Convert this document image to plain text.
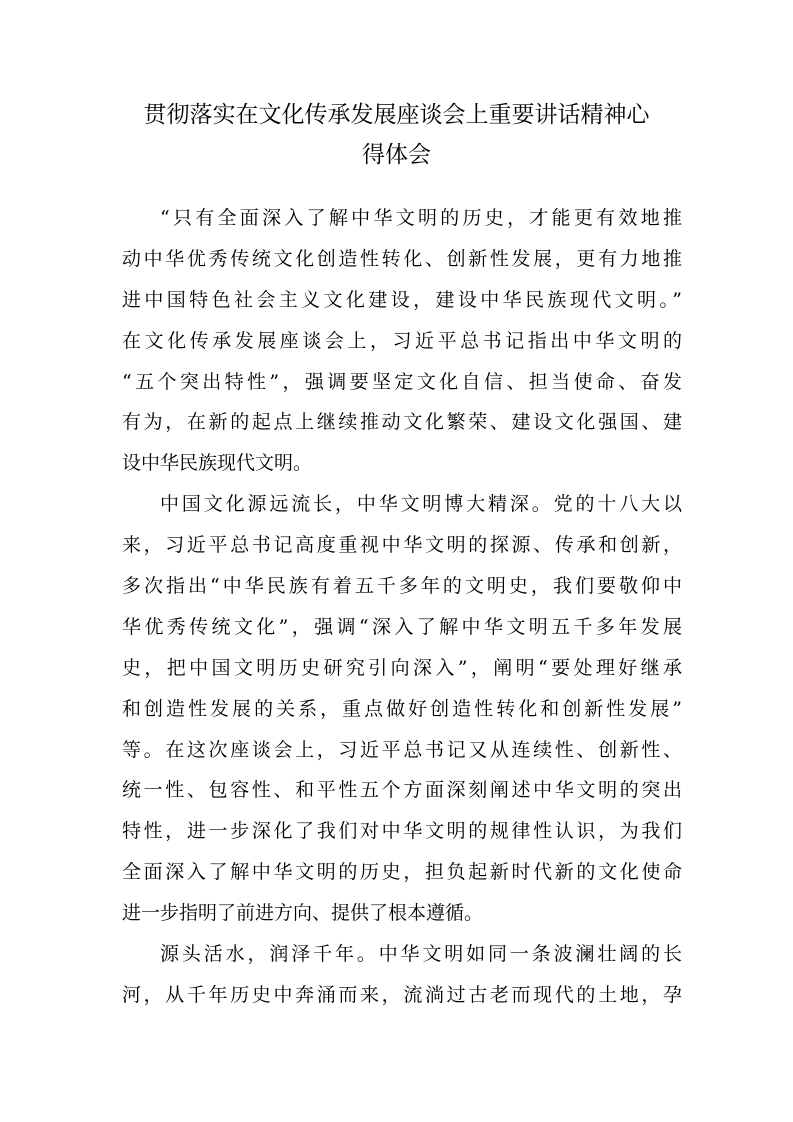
贯彻落实在文化传承发展座谈会上重要讲话精神心
得体会
“只有全面深入了解中华文明的历史，才能更有效地推
动中华优秀传统文化创造性转化、创新性发展，更有力地推
进中国特色社会主义文化建设，建设中华民族现代文明。”
在文化传承发展座谈会上，习近平总书记指出中华文明的
“五个突出特性”，强调要坚定文化自信、担当使命、奋发
有为，在新的起点上继续推动文化繁荣、建设文化强国、建
设中华民族现代文明。
中国文化源远流长，中华文明博大精深。党的十八大以
来，习近平总书记高度重视中华文明的探源、传承和创新，
多次指出“中华民族有着五千多年的文明史，我们要敬仰中
华优秀传统文化”，强调“深入了解中华文明五千多年发展
史，把中国文明历史研究引向深入”，阐明“要处理好继承
和创造性发展的关系，重点做好创造性转化和创新性发展”
等。在这次座谈会上，习近平总书记又从连续性、创新性、
统一性、包容性、和平性五个方面深刻阐述中华文明的突出
特性，进一步深化了我们对中华文明的规律性认识，为我们
全面深入了解中华文明的历史，担负起新时代新的文化使命
进一步指明了前进方向、提供了根本遵循。
源头活水，润泽千年。中华文明如同一条波澜壮阔的长
河，从千年历史中奔涌而来，流淌过古老而现代的土地，孕
